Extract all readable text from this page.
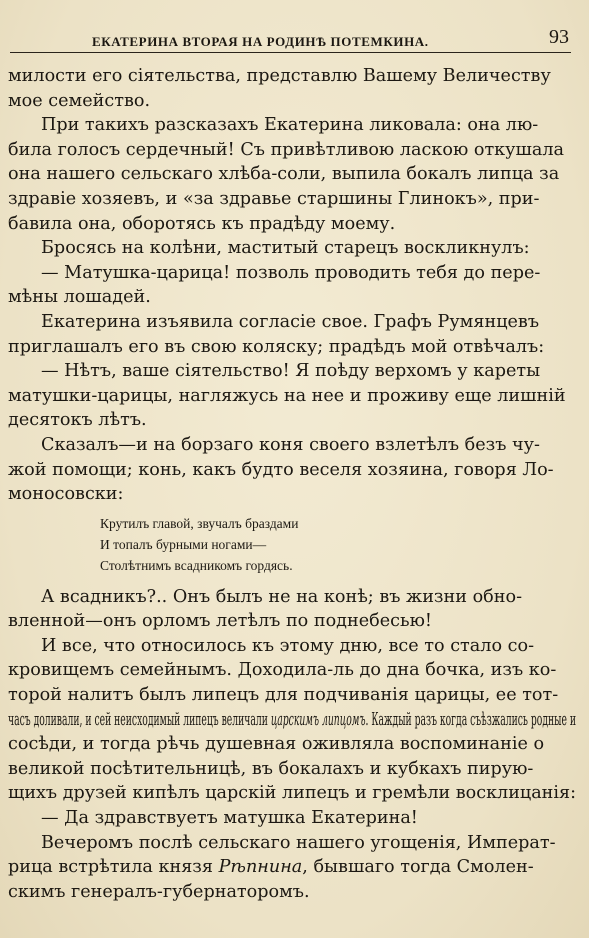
ЕКАТЕРИНА ВТОРАЯ НА РОДИНѢ ПОТЕМКИНА.	93
милости его сіятельства, представлю Вашему Величеству
мое семейство.
При такихъ разсказахъ Екатерина ликовала: она лю-
била голосъ сердечный! Съ привѣтливою ласкою откушала
она нашего сельскаго хлѣба-соли, выпила бокалъ липца за
здравіе хозяевъ, и «за здравье старшины Глинокъ», при-
бавила она, оборотясь къ прадѣду моему.
Бросясь на колѣни, маститый старецъ воскликнулъ:
— Матушка-царица! позволь проводить тебя до пере-
мѣны лошадей.
Екатерина изъявила согласіе свое. Графъ Румянцевъ
приглашалъ его въ свою коляску; прадѣдъ мой отвѣчалъ:
— Нѣтъ, ваше сіятельство! Я поѣду верхомъ у кареты
матушки-царицы, нагляжусь на нее и проживу еще лишній
десятокъ лѣтъ.
Сказалъ—и на борзаго коня своего взлетѣлъ безъ чу-
жой помощи; конь, какъ будто веселя хозяина, говоря Ло-
моносовски:
Крутилъ главой, звучалъ браздами
И топалъ бурными ногами—
Столѣтнимъ всадникомъ гордясь.
А всадникъ?.. Онъ былъ не на конѣ; въ жизни обно-
вленной—онъ орломъ летѣлъ по поднебесью!
И все, что относилось къ этому дню, все то стало со-
кровищемъ семейнымъ. Доходила-ль до дна бочка, изъ ко-
торой налитъ былъ липецъ для подчиванія царицы, ее тот-
часъ доливали, и сей неисходимый липецъ величали царскимъ липцомъ. Каждый разъ когда съѣзжались родные и
сосѣди, и тогда рѣчь душевная оживляла воспоминаніе о
великой посѣтительницѣ, въ бокалахъ и кубкахъ пирую-
щихъ друзей кипѣлъ царскій липецъ и гремѣли восклицанія:
— Да здравствуетъ матушка Екатерина!
Вечеромъ послѣ сельскаго нашего угощенія, Императ-
рица встрѣтила князя Рѣпнина, бывшаго тогда Смолен-
скимъ генералъ-губернаторомъ.
